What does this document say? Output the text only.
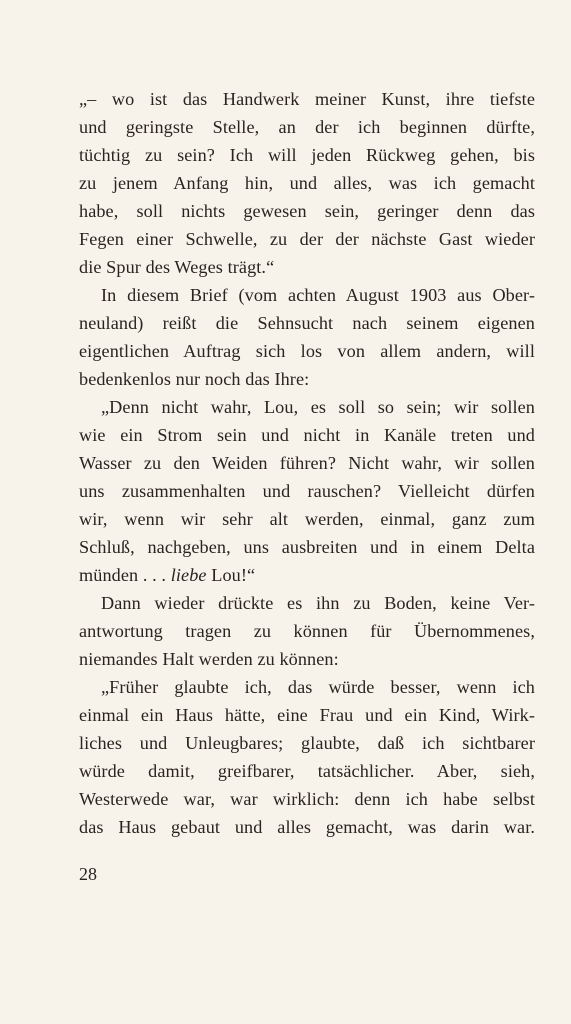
„– wo ist das Handwerk meiner Kunst, ihre tiefste
und geringste Stelle, an der ich beginnen dürfte,
tüchtig zu sein? Ich will jeden Rückweg gehen, bis
zu jenem Anfang hin, und alles, was ich gemacht
habe, soll nichts gewesen sein, geringer denn das
Fegen einer Schwelle, zu der der nächste Gast wieder
die Spur des Weges trägt.“
In diesem Brief (vom achten August 1903 aus Ober-
neuland) reißt die Sehnsucht nach seinem eigenen
eigentlichen Auftrag sich los von allem andern, will
bedenkenlos nur noch das Ihre:
„Denn nicht wahr, Lou, es soll so sein; wir sollen
wie ein Strom sein und nicht in Kanäle treten und
Wasser zu den Weiden führen? Nicht wahr, wir sollen
uns zusammenhalten und rauschen? Vielleicht dürfen
wir, wenn wir sehr alt werden, einmal, ganz zum
Schluß, nachgeben, uns ausbreiten und in einem Delta
münden . . . liebe Lou!“
Dann wieder drückte es ihn zu Boden, keine Ver-
antwortung tragen zu können für Übernommenes,
niemandes Halt werden zu können:
„Früher glaubte ich, das würde besser, wenn ich
einmal ein Haus hätte, eine Frau und ein Kind, Wirk-
liches und Unleugbares; glaubte, daß ich sichtbarer
würde damit, greifbarer, tatsächlicher. Aber, sieh,
Westerwede war, war wirklich: denn ich habe selbst
das Haus gebaut und alles gemacht, was darin war.
28
